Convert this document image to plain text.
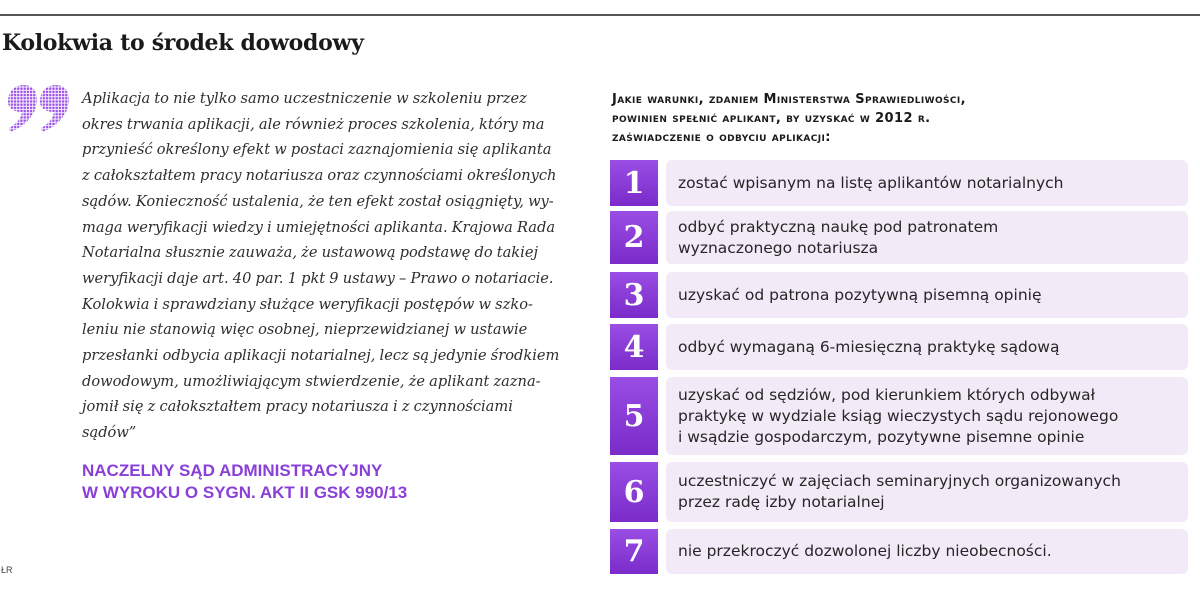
Kolokwia to środek dowodowy

Aplikacja to nie tylko samo uczestniczenie w szkoleniu przez
okres trwania aplikacji, ale również proces szkolenia, który ma
przynieść określony efekt w postaci zaznajomienia się aplikanta
z całokształtem pracy notariusza oraz czynnościami określonych
sądów. Konieczność ustalenia, że ten efekt został osiągnięty, wy-
maga weryfikacji wiedzy i umiejętności aplikanta. Krajowa Rada
Notarialna słusznie zauważa, że ustawową podstawę do takiej
weryfikacji daje art. 40 par. 1 pkt 9 ustawy – Prawo o notariacie.
Kolokwia i sprawdziany służące weryfikacji postępów w szko-
leniu nie stanowią więc osobnej, nieprzewidzianej w ustawie
przesłanki odbycia aplikacji notarialnej, lecz są jedynie środkiem
dowodowym, umożliwiającym stwierdzenie, że aplikant zazna-
jomił się z całokształtem pracy notariusza i z czynnościami
sądów”

NACZELNY SĄD ADMINISTRACYJNY
W WYROKU O SYGN. AKT II GSK 990/13

ŁR
Jakie warunki, zdaniem Ministerstwa Sprawiedliwości,
powinien spełnić aplikant, by uzyskać w 2012 r.
zaświadczenie o odbyciu aplikacji:
1	zostać wpisanym na listę aplikantów notarialnych
2	odbyć praktyczną naukę pod patronatem
wyznaczonego notariusza
3	uzyskać od patrona pozytywną pisemną opinię
4	odbyć wymaganą 6-miesięczną praktykę sądową
5
uzyskać od sędziów, pod kierunkiem których odbywał
praktykę w wydziale ksiąg wieczystych sądu rejonowego
i wsądzie gospodarczym, pozytywne pisemne opinie
6	uczestniczyć w zajęciach seminaryjnych organizowanych
przez radę izby notarialnej
7	nie przekroczyć dozwolonej liczby nieobecności.
